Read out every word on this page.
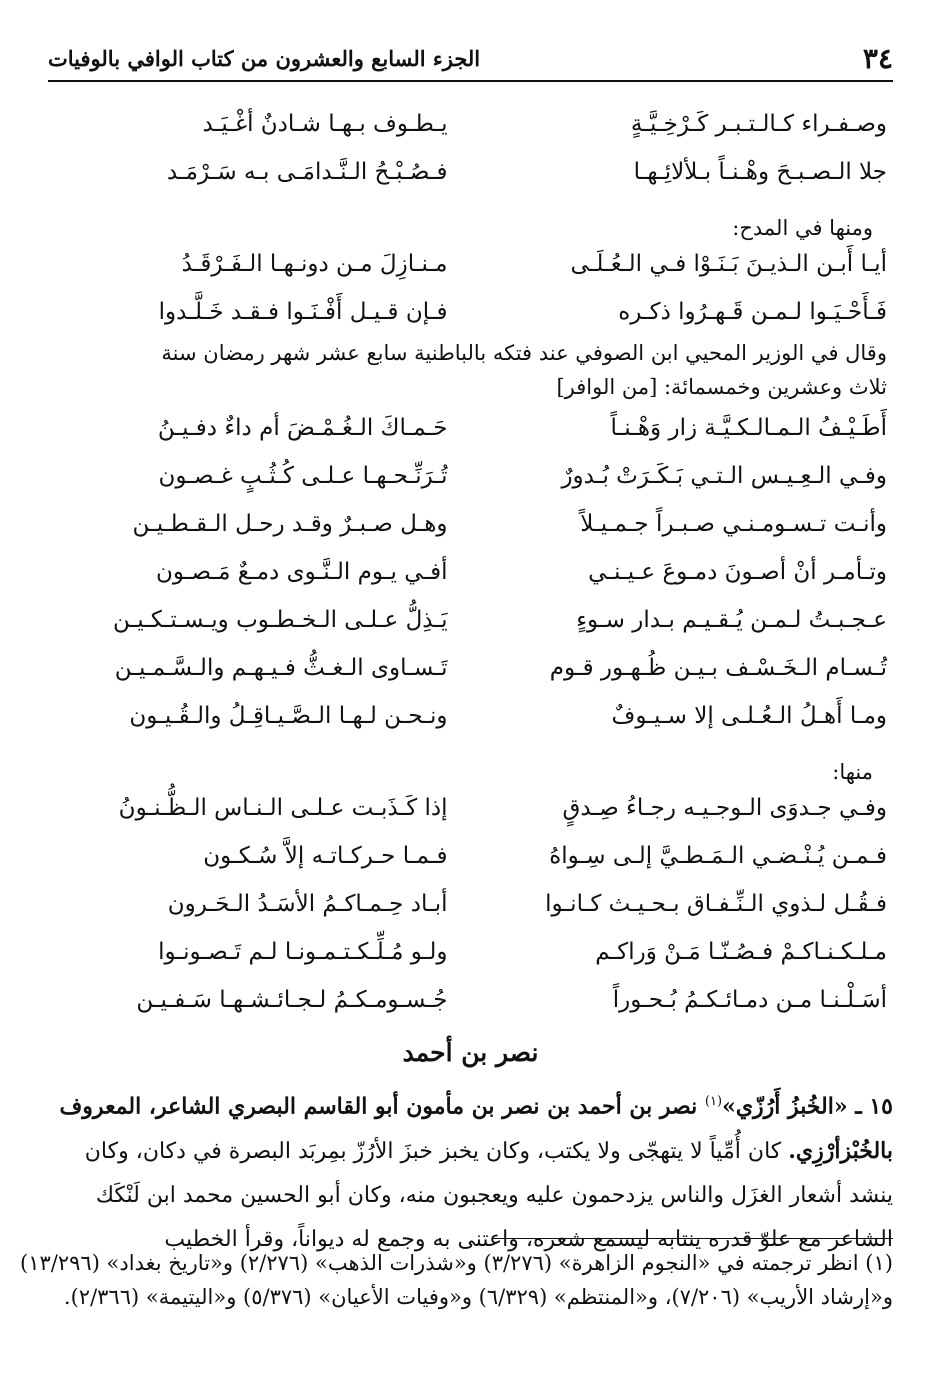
٣٤
الجزء السابع والعشرون من كتاب الوافي بالوفيات
وصـفـراء كـالـتـبـر كَـرْخِـيَّـةٍ
يـطـوف بـهـا شـادنٌ أغْـيَـد
جلا الـصـبـحَ وهْـنـاً بـلألائِـهـا
فـصُـبْـحُ الـنَّـدامَـى بـه سَـرْمَـد
ومنها في المدح:
أيـا أَبـن الـذيـنَ بَـنَـوْا فـي الـعُـلَـى
مـنـازِلَ مـن دونـهـا الـفَـرْقَـدُ
فَـأَحْـيَـوا لـمـن قَـهـرُوا ذكـره
فـإن قـيـل أَفْـنَـوا فـقـد خَـلَّـدوا
وقال في الوزير المحيي ابن الصوفي عند فتكه بالباطنية سابع عشر شهر رمضان سنة
ثلاث وعشرين وخمسمائة: [من الوافر]
أَطَـيْـفُ الـمـالـكـيَّـة زار وَهْـنـاً
حَـمـاكَ الـغُـمْـضَ أم داءٌ دفـيـنُ
وفـي الـعِـيـس الـتـي بَـكَـرَتْ بُـدورٌ
تُـرَنِّـحـهـا عـلـى كُـثُـبٍ غـصـون
وأنـت تـسـومـنـي صـبـراً جـمـيـلاً
وهـل صـبـرٌ وقـد رحـل الـقـطـيـن
وتـأمـر أنْ أصـونَ دمـوعَ عـيـنـي
أفـي يـوم الـنَّـوى دمـعٌ مَـصـون
عـجـبـتُ لـمـن يُـقـيـم بـدار سـوءٍ
يَـذِلُّ عـلـى الـخـطـوب ويـسـتـكـيـن
تُـسـام الـخَـسْـف بـيـن ظُـهـور قـوم
تَـسـاوى الـغـثُّ فـيـهـم والـسَّـمـيـن
ومـا أَهـلُ الـعُـلـى إلا سـيـوفٌ
ونـحـن لـهـا الـصَّـيـاقِـلُ والـقُـيـون
منها:
وفـي جـدوَى الـوجـيـه رجـاءُ صِـدقٍ
إذا كَـذَبـت عـلـى الـنـاس الـظُّـنـونُ
فـمـن يُـنْـضـي الـمَـطـيَّ إلـى سِـواهُ
فـمـا حـركـاتـه إلاَّ سُـكـون
فـقُـل لـذوي الـنِّـفـاق بـحـيـث كـانـوا
أبـاد حِـمـاكـمُ الأسَـدُ الـحَـرون
مـلـكـنـاكـمْ فـصُـنّـا مَـنْ وَراكـم
ولـو مُـلِّـكـتـمـونـا لـم تَـصـونـوا
أسَـلْـنـا مـن دمـائـكـمُ بُـحـوراً
جُـسـومـكـمُ لـجـائـشـهـا سَـفـيـن
نصر بن أحمد
١٥ ـ «الخُبزُ أَرُزّي»$^{(١)}$ نصر بن أحمد بن نصر بن مأمون أبو القاسم البصري الشاعر، المعروف بالخُبْزأرْزِي. كان أُمِّياً لا يتهجّى ولا يكتب، وكان يخبز خبزَ الأرُزّ بمِربَد البصرة في دكان، وكان ينشد أشعار الغزَل والناس يزدحمون عليه ويعجبون منه، وكان أبو الحسين محمد ابن لَنْكَك الشاعر مع علوّ قدره ينتابه ليسمع شعره، واعتنى به وجمع له ديواناً، وقرأ الخطيب
(١) انظر ترجمته في «النجوم الزاهرة» (٣/٢٧٦) و«شذرات الذهب» (٢/٢٧٦) و«تاريخ بغداد» (١٣/٢٩٦)
و«إرشاد الأريب» (٧/٢٠٦)، و«المنتظم» (٦/٣٢٩) و«وفيات الأعيان» (٥/٣٧٦) و«اليتيمة» (٢/٣٦٦).
